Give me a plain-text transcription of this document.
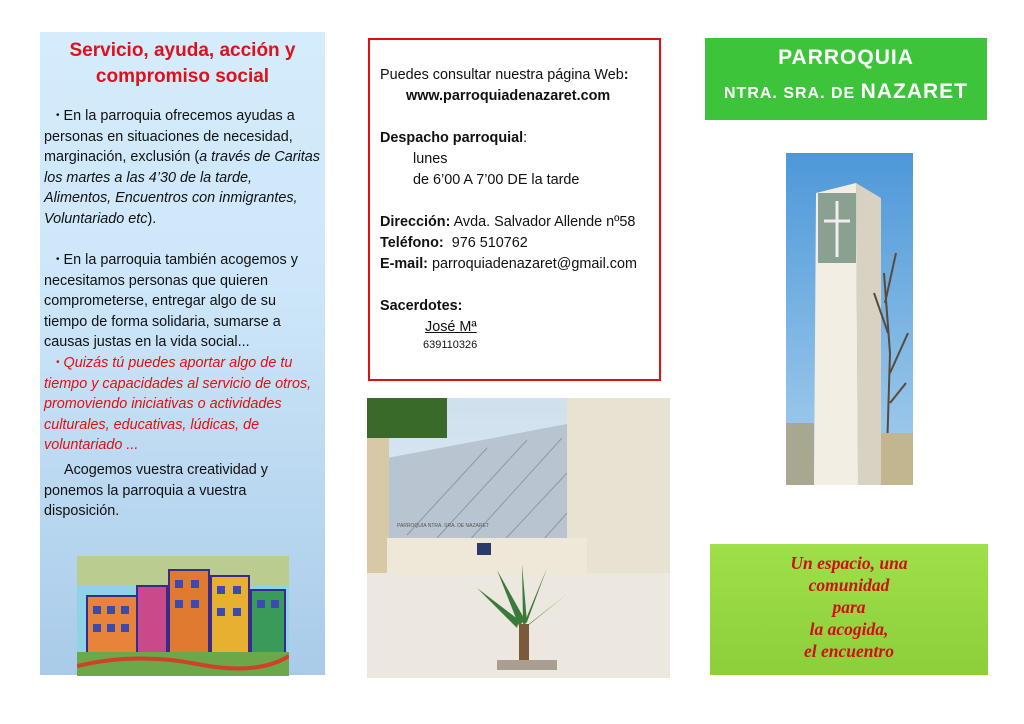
Servicio, ayuda, acción y
compromiso social
• En la parroquia ofrecemos ayudas a personas en situaciones de necesidad, marginación, exclusión (a través de Caritas los martes a las 4’30 de la tarde, Alimentos, Encuentros con inmigrantes, Voluntariado etc).
• En la parroquia también acogemos y necesitamos personas que quieren comprometerse, entregar algo de su tiempo de forma solidaria, sumarse a causas justas en la vida social...
• Quizás tú puedes aportar algo de tu tiempo y capacidades al servicio de otros, promoviendo iniciativas o actividades culturales, educativas, lúdicas, de voluntariado ...
Acogemos vuestra creatividad y ponemos la parroquia a vuestra disposición.
Puedes consultar nuestra página Web:
www.parroquiadenazaret.com
Despacho parroquial:
lunes
de 6’00 A 7’00 DE la tarde
Dirección: Avda. Salvador Allende nº58
Teléfono: 976 510762
E-mail: parroquiadenazaret@gmail.com
Sacerdotes:
José Mª
639110326
PARROQUIA NTRA. SRA. DE NAZARET
PARROQUIA
NTRA. SRA. DE NAZARET
Un espacio, una
comunidad
para
la acogida,
el encuentro
